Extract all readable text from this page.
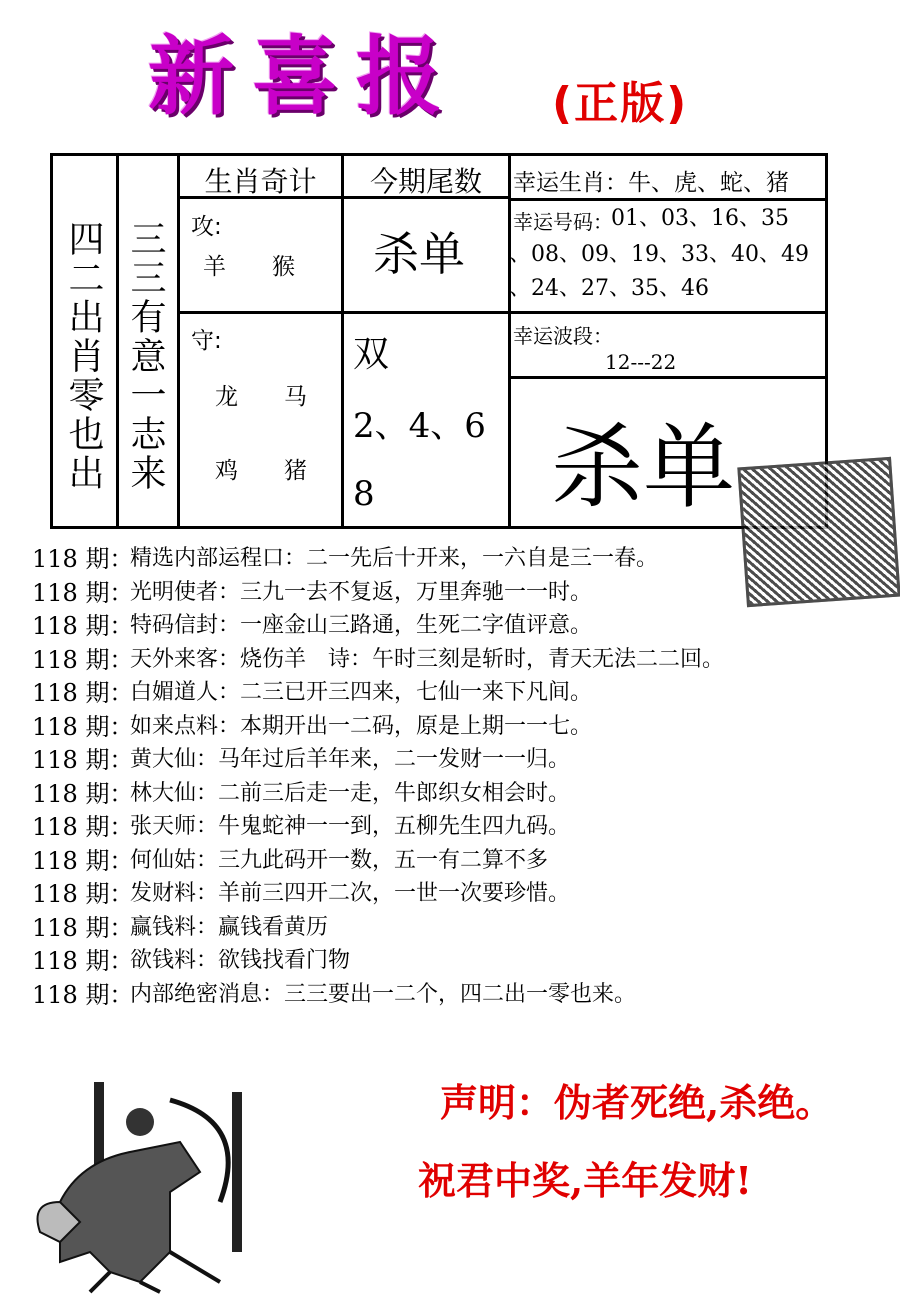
新喜报 (正版)
四二出肖零也出 三三有意一志来
生肖奇计	今期尾数
攻:
羊　　猴
守:
龙　　马
鸡　　猪
杀单
双
2、4、6
8
幸运生肖：牛、虎、蛇、猪
幸运号码：
01、03、16、35
、08、09、19、33、40、49
、24、27、35、46
幸运波段：
12---22
杀单
118 期：
精选内部运程口：二一先后十开来，一六自是三一春。
118 期：
光明使者：三九一去不复返，万里奔驰一一时。
118 期：
特码信封：一座金山三路通，生死二字值评意。
118 期：
天外来客：烧伤羊　诗：午时三刻是斩时，青天无法二二回。
118 期：
白媚道人：二三已开三四来，七仙一来下凡间。
118 期：
如来点料：本期开出一二码，原是上期一一七。
118 期：
黄大仙：马年过后羊年来，二一发财一一归。
118 期：
林大仙：二前三后走一走，牛郎织女相会时。
118 期：
张天师：牛鬼蛇神一一到，五柳先生四九码。
118 期：
何仙姑：三九此码开一数，五一有二算不多
118 期：
发财料：羊前三四开二次，一世一次要珍惜。
118 期：
赢钱料：赢钱看黄历
118 期：
欲钱料：欲钱找看门物
118 期：
内部绝密消息：三三要出一二个，四二出一零也来。
声明：伪者死绝,杀绝。
祝君中奖,羊年发财!
